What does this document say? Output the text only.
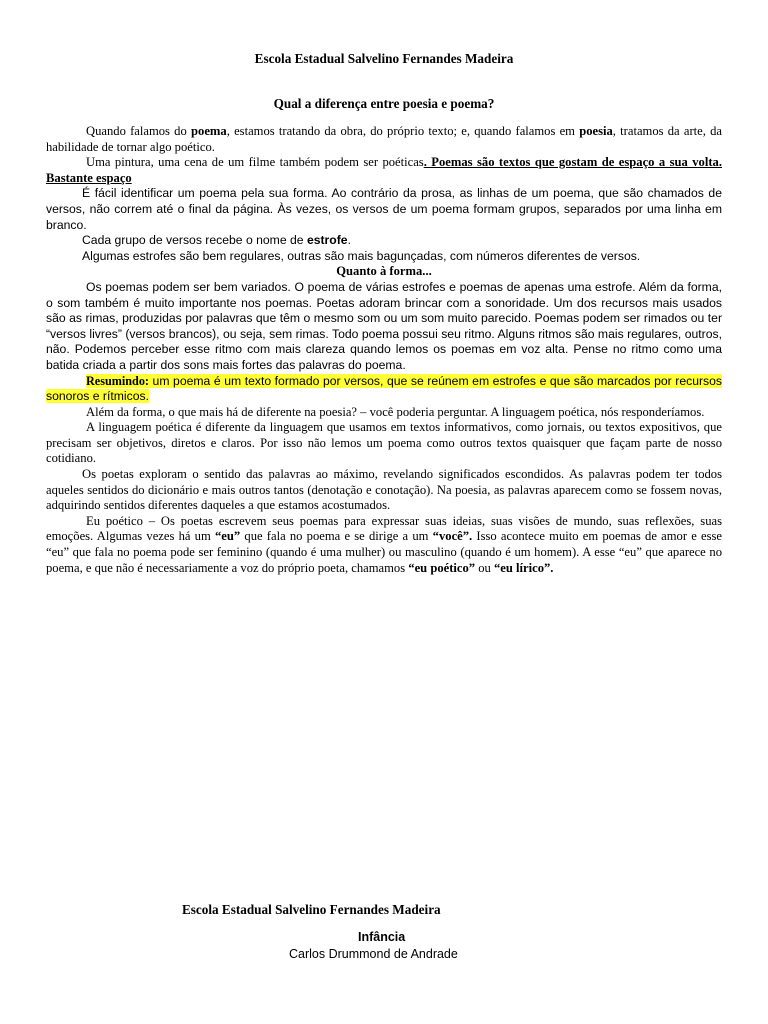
Escola Estadual Salvelino Fernandes Madeira
Qual a diferença entre poesia e poema?

Quando falamos do poema, estamos tratando da obra, do próprio texto; e, quando falamos em poesia, tratamos da arte, da habilidade de tornar algo poético.

Uma pintura, uma cena de um filme também podem ser poéticas. Poemas são textos que gostam de espaço a sua volta. Bastante espaço

É fácil identificar um poema pela sua forma. Ao contrário da prosa, as linhas de um poema, que são chamados de versos, não correm até o final da página. Às vezes, os versos de um poema formam grupos, separados por uma linha em branco.

Cada grupo de versos recebe o nome de estrofe.

Algumas estrofes são bem regulares, outras são mais bagunçadas, com números diferentes de versos.

Quanto à forma...

Os poemas podem ser bem variados. O poema de várias estrofes e poemas de apenas uma estrofe. Além da forma, o som também é muito importante nos poemas. Poetas adoram brincar com a sonoridade. Um dos recursos mais usados são as rimas, produzidas por palavras que têm o mesmo som ou um som muito parecido. Poemas podem ser rimados ou ter “versos livres” (versos brancos), ou seja, sem rimas. Todo poema possui seu ritmo. Alguns ritmos são mais regulares, outros, não. Podemos perceber esse ritmo com mais clareza quando lemos os poemas em voz alta. Pense no ritmo como uma batida criada a partir dos sons mais fortes das palavras do poema.

Resumindo: um poema é um texto formado por versos, que se reúnem em estrofes e que são marcados por recursos sonoros e rítmicos.

Além da forma, o que mais há de diferente na poesia? – você poderia perguntar. A linguagem poética, nós responderíamos.

A linguagem poética é diferente da linguagem que usamos em textos informativos, como jornais, ou textos expositivos, que precisam ser objetivos, diretos e claros. Por isso não lemos um poema como outros textos quaisquer que façam parte de nosso cotidiano.

Os poetas exploram o sentido das palavras ao máximo, revelando significados escondidos. As palavras podem ter todos aqueles sentidos do dicionário e mais outros tantos (denotação e conotação). Na poesia, as palavras aparecem como se fossem novas, adquirindo sentidos diferentes daqueles a que estamos acostumados.

Eu poético – Os poetas escrevem seus poemas para expressar suas ideias, suas visões de mundo, suas reflexões, suas emoções. Algumas vezes há um “eu” que fala no poema e se dirige a um “você”. Isso acontece muito em poemas de amor e esse “eu” que fala no poema pode ser feminino (quando é uma mulher) ou masculino (quando é um homem). A esse “eu” que aparece no poema, e que não é necessariamente a voz do próprio poeta, chamamos “eu poético” ou “eu lírico”.

Escola Estadual Salvelino Fernandes Madeira
Infância
Carlos Drummond de Andrade
